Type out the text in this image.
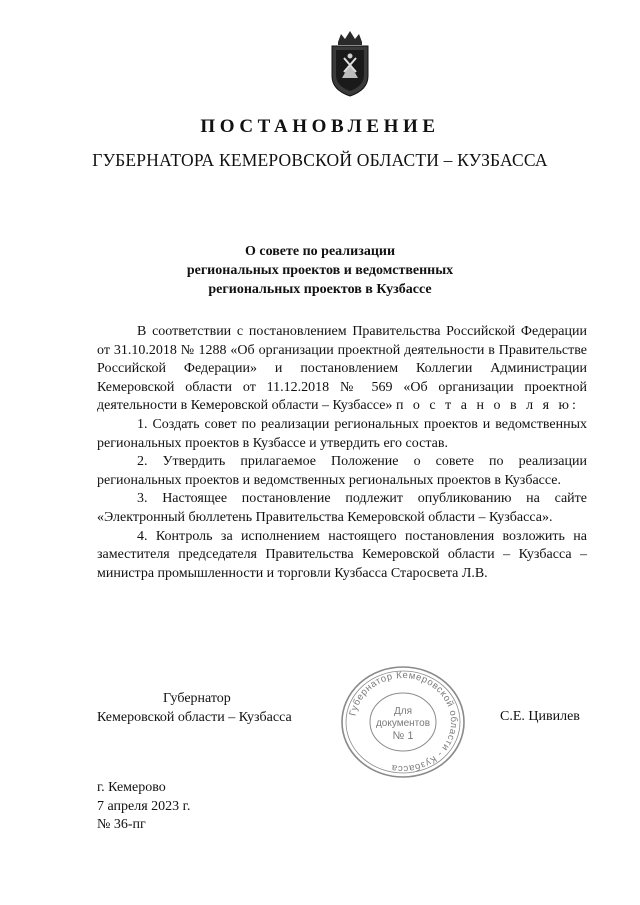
ПОСТАНОВЛЕНИЕ
ГУБЕРНАТОРА КЕМЕРОВСКОЙ ОБЛАСТИ – КУЗБАССА
О совете по реализации
региональных проектов и ведомственных
региональных проектов в Кузбассе

В соответствии с постановлением Правительства Российской Федерации от 31.10.2018 № 1288 «Об организации проектной деятельности в Правительстве Российской Федерации» и постановлением Коллегии Администрации Кемеровской области от 11.12.2018 № 569 «Об организации проектной деятельности в Кемеровской области – Кузбассе» п о с т а н о в л я ю:

1. Создать совет по реализации региональных проектов и ведомственных региональных проектов в Кузбассе и утвердить его состав.

2. Утвердить прилагаемое Положение о совете по реализации региональных проектов и ведомственных региональных проектов в Кузбассе.

3. Настоящее постановление подлежит опубликованию на сайте «Электронный бюллетень Правительства Кемеровской области – Кузбасса».

4. Контроль за исполнением настоящего постановления возложить на заместителя председателя Правительства Кемеровской области – Кузбасса – министра промышленности и торговли Кузбасса Старосвета Л.В.

Губернатор
Кемеровской области – Кузбасса	Губернатор Кемеровской области - Кузбасса
Для
документов
№ 1
С.Е. Цивилев
г. Кемерово
7 апреля 2023 г.
№ 36-пг
